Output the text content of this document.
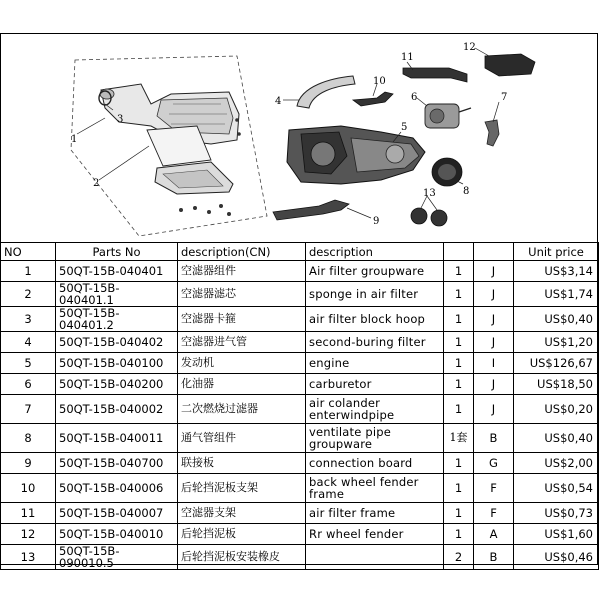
1
2
3
4
5
6	7
8
9
10
11
12
13
NO	Parts No	description(CN)	description			Unit price
1	50QT-15B-040401	空滤器组件	Air filter groupware	1	J	US$3,14
2	50QT-15B-040401.1	空滤器滤芯	sponge in air filter	1	J	US$1,74
3	50QT-15B-040401.2	空滤器卡箍	air filter block hoop	1	J	US$0,40
4	50QT-15B-040402	空滤器进气管	second-buring filter	1	J	US$1,20
5	50QT-15B-040100	发动机	engine	1	I	US$126,67
6	50QT-15B-040200	化油器	carburetor	1	J	US$18,50
7	50QT-15B-040002	二次燃烧过滤器	air colander
enterwindpipe	1	J	US$0,20
8	50QT-15B-040011	通气管组件	ventilate pipe
groupware	1套	B	US$0,40
9	50QT-15B-040700	联接板	connection board	1	G	US$2,00
10	50QT-15B-040006	后轮挡泥板支架	back wheel fender
frame	1	F	US$0,54
11	50QT-15B-040007	空滤器支架	air filter frame	1	F	US$0,73
12	50QT-15B-040010	后轮挡泥板	Rr wheel fender	1	A	US$1,60
13	50QT-15B-090010.5	后轮挡泥板安装橡皮		2	B	US$0,46
